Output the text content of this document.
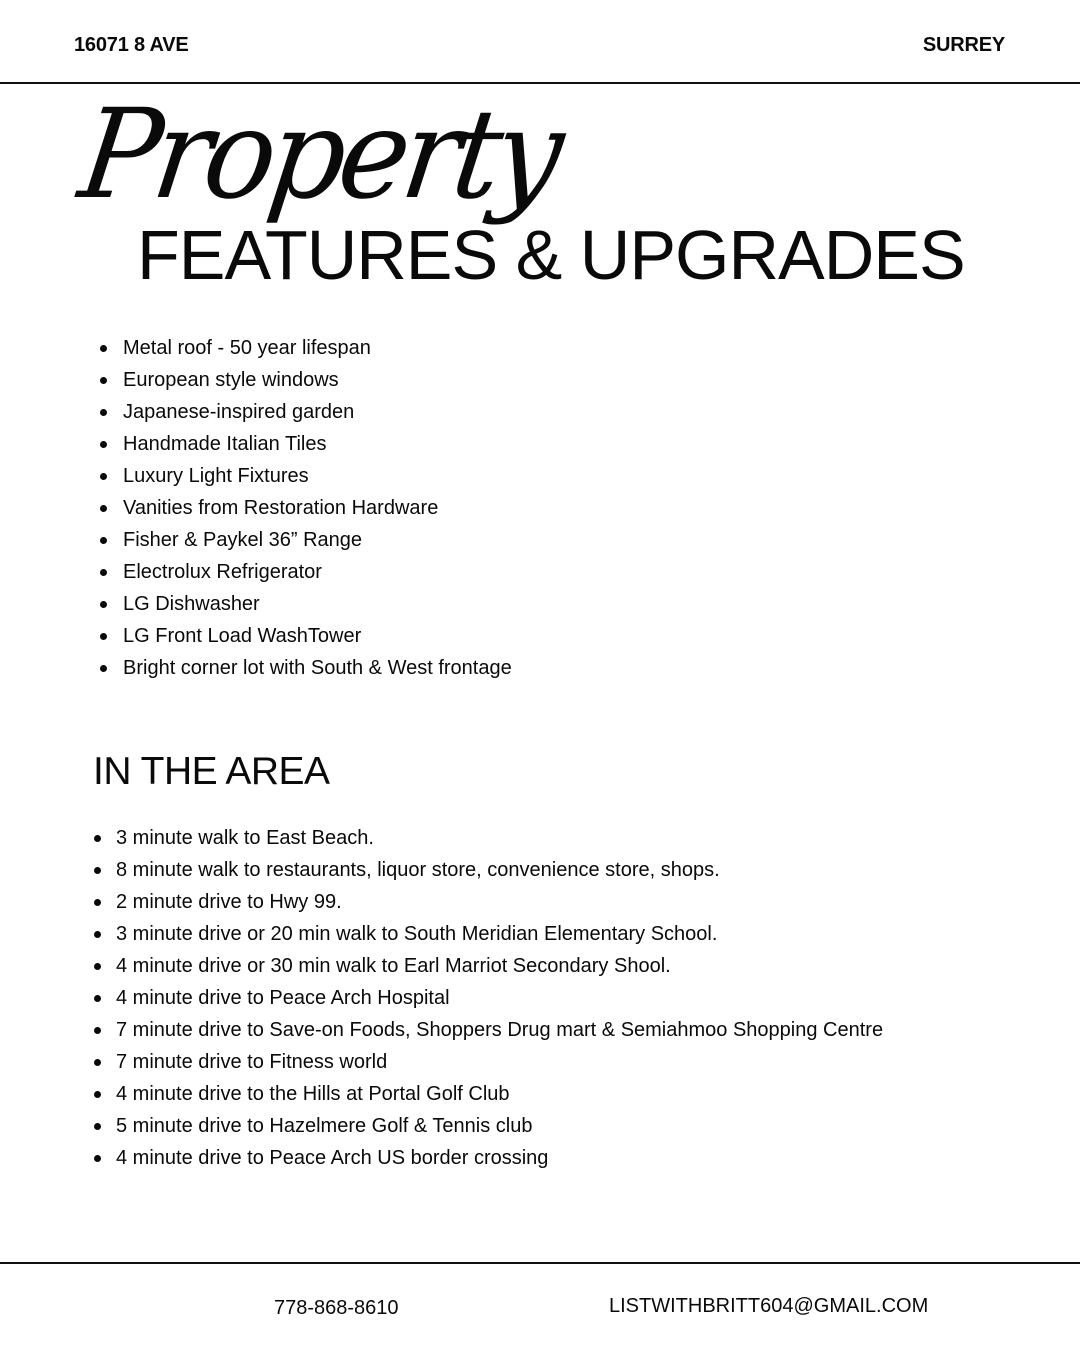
16071 8 AVE	SURREY
Property
FEATURES & UPGRADES
Metal roof - 50 year lifespan
European style windows
Japanese-inspired garden
Handmade Italian Tiles
Luxury Light Fixtures
Vanities from Restoration Hardware
Fisher & Paykel 36” Range
Electrolux Refrigerator
LG Dishwasher
LG Front Load WashTower
Bright corner lot with South & West frontage
IN THE AREA
3 minute walk to East Beach.
8 minute walk to restaurants, liquor store, convenience store, shops.
2 minute drive to Hwy 99.
3 minute drive or 20 min walk to South Meridian Elementary School.
4 minute drive or 30 min walk to Earl Marriot Secondary Shool.
4 minute drive to Peace Arch Hospital
7 minute drive to Save-on Foods, Shoppers Drug mart & Semiahmoo Shopping Centre
7 minute drive to Fitness world
4 minute drive to the Hills at Portal Golf Club
5 minute drive to Hazelmere Golf & Tennis club
4 minute drive to Peace Arch US border crossing
778-868-8610	LISTWITHBRITT604@GMAIL.COM
